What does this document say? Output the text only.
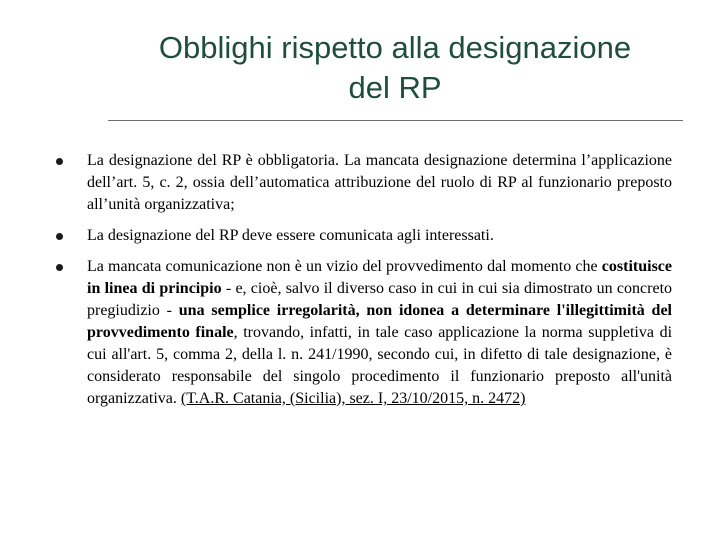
Obblighi rispetto alla designazione
del RP
La designazione del RP è obbligatoria. La mancata designazione determina l’applicazione dell’art. 5, c. 2, ossia dell’automatica attribuzione del ruolo di RP al funzionario preposto all’unità organizzativa;
La designazione del RP deve essere comunicata agli interessati.
La mancata comunicazione non è un vizio del provvedimento dal momento che costituisce in linea di principio - e, cioè, salvo il diverso caso in cui in cui sia dimostrato un concreto pregiudizio - una semplice irregolarità, non idonea a determinare l'illegittimità del provvedimento finale, trovando, infatti, in tale caso applicazione la norma suppletiva di cui all'art. 5, comma 2, della l. n. 241/1990, secondo cui, in difetto di tale designazione, è considerato responsabile del singolo procedimento il funzionario preposto all'unità organizzativa. (T.A.R. Catania, (Sicilia), sez. I, 23/10/2015, n. 2472)
